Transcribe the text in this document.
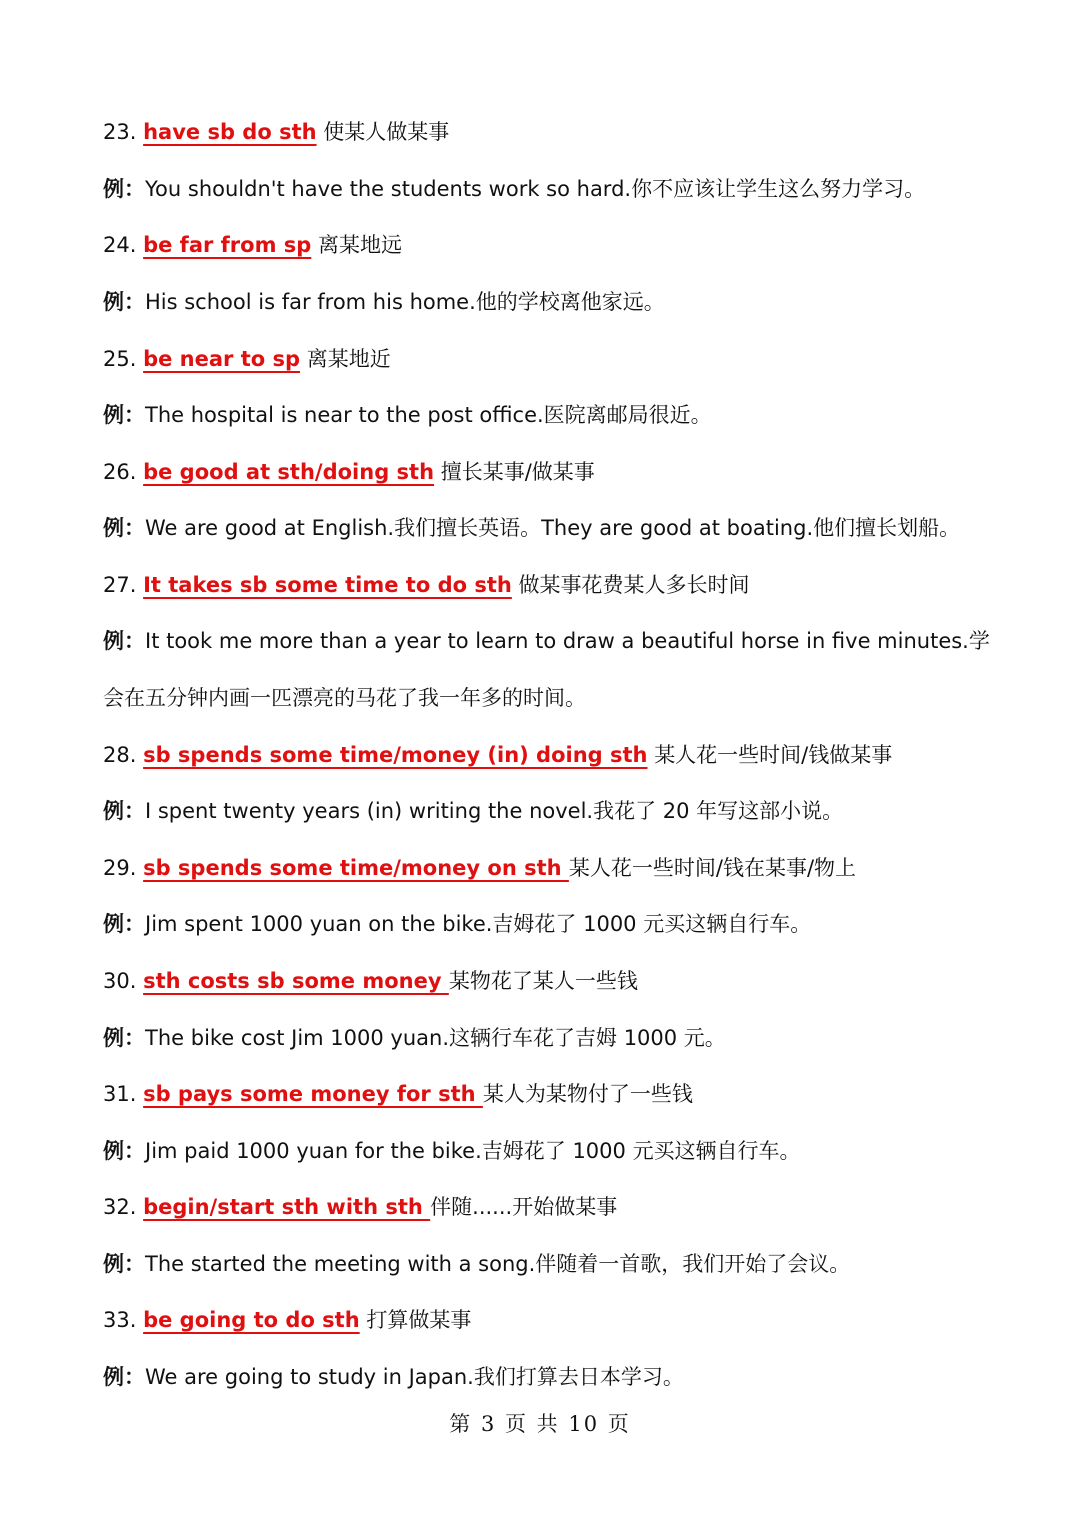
23. have sb do sth 使某人做某事
例：You shouldn't have the students work so hard.你不应该让学生这么努力学习。
24. be far from sp 离某地远
例：His school is far from his home.他的学校离他家远。
25. be near to sp 离某地近
例：The hospital is near to the post office.医院离邮局很近。
26. be good at sth/doing sth 擅长某事/做某事
例：We are good at English.我们擅长英语。They are good at boating.他们擅长划船。
27. It takes sb some time to do sth 做某事花费某人多长时间
例：It took me more than a year to learn to draw a beautiful horse in five minutes.学
会在五分钟内画一匹漂亮的马花了我一年多的时间。
28. sb spends some time/money (in) doing sth 某人花一些时间/钱做某事
例：I spent twenty years (in) writing the novel.我花了 20 年写这部小说。
29. sb spends some time/money on sth 某人花一些时间/钱在某事/物上
例：Jim spent 1000 yuan on the bike.吉姆花了 1000 元买这辆自行车。
30. sth costs sb some money 某物花了某人一些钱
例：The bike cost Jim 1000 yuan.这辆行车花了吉姆 1000 元。
31. sb pays some money for sth 某人为某物付了一些钱
例：Jim paid 1000 yuan for the bike.吉姆花了 1000 元买这辆自行车。
32. begin/start sth with sth 伴随......开始做某事
例：The started the meeting with a song.伴随着一首歌，我们开始了会议。
33. be going to do sth 打算做某事
例：We are going to study in Japan.我们打算去日本学习。
第 3 页 共 10 页
